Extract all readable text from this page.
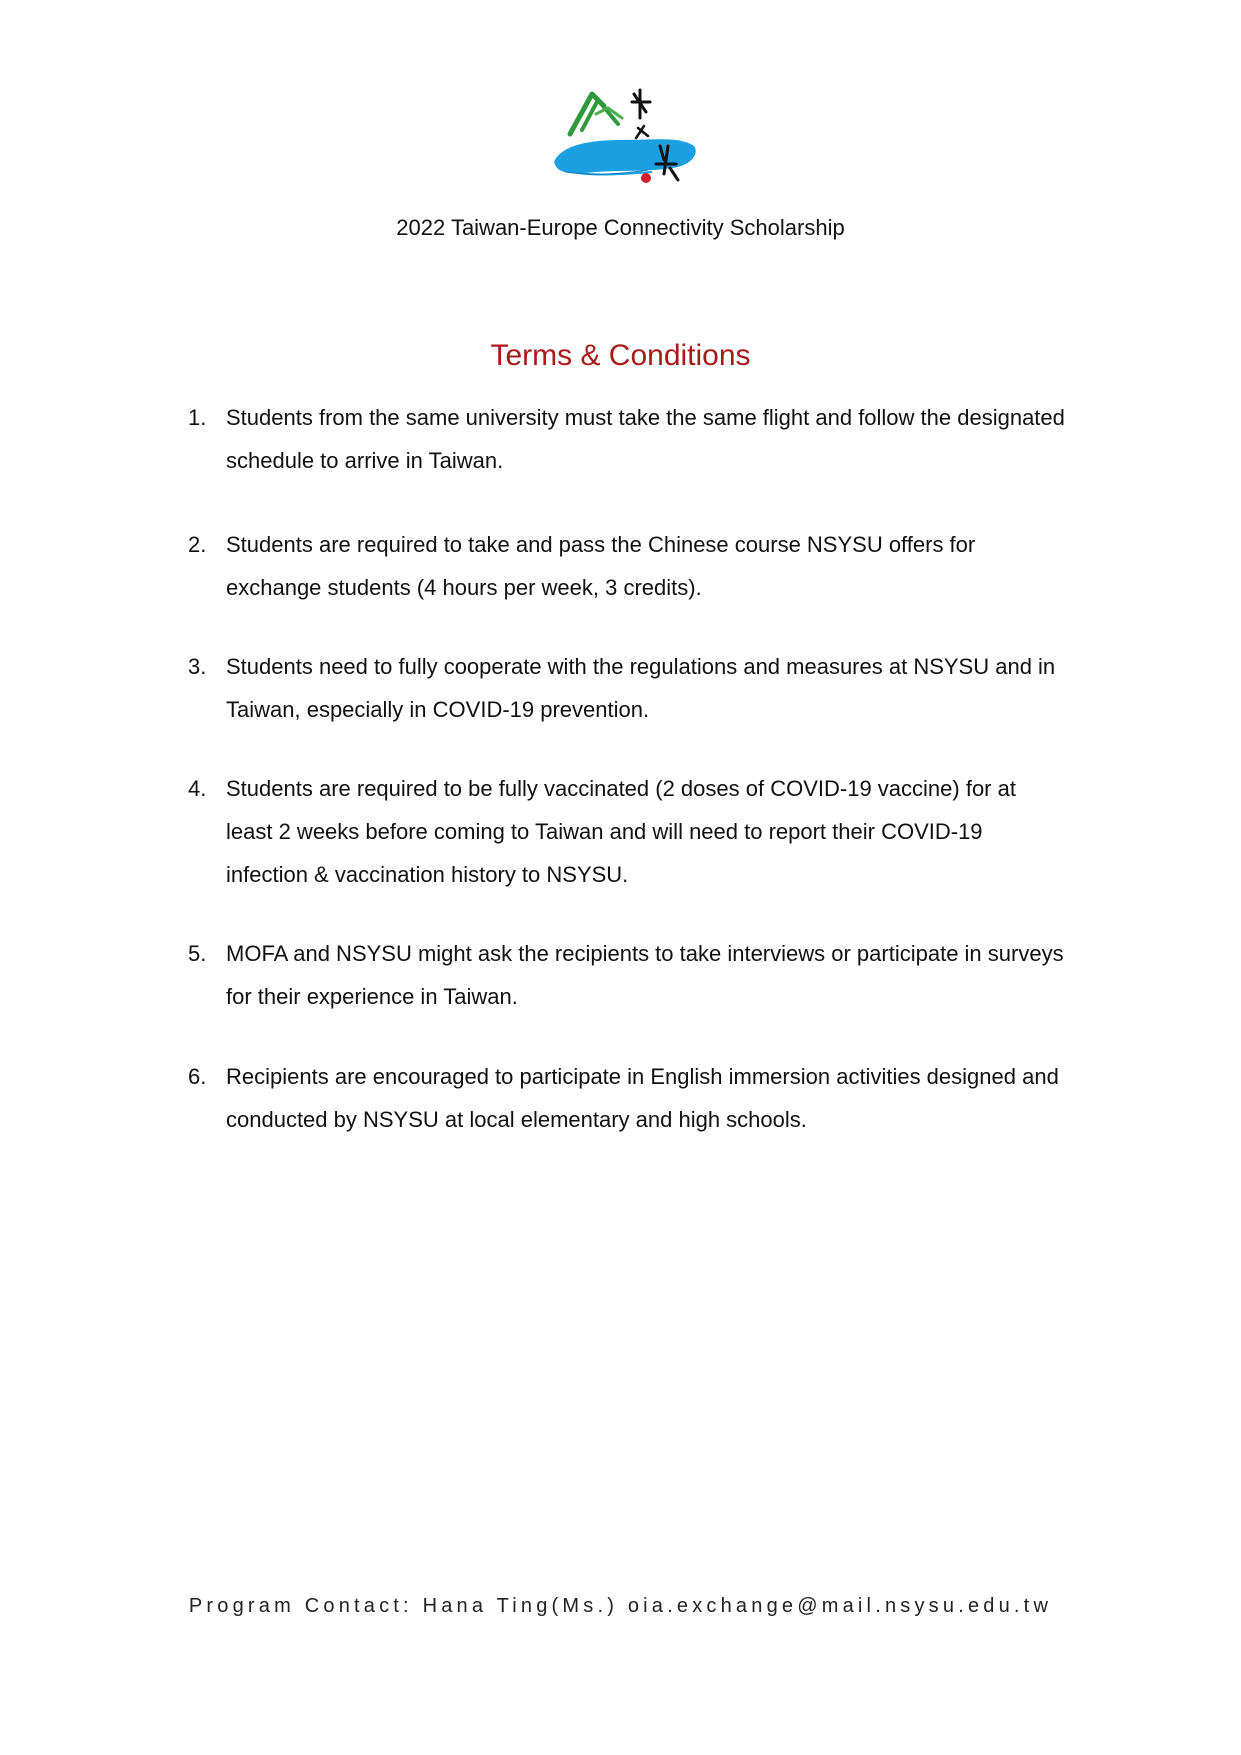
2022 Taiwan-Europe Connectivity Scholarship
Terms & Conditions
1. Students from the same university must take the same flight and follow the designated schedule to arrive in Taiwan.
2. Students are required to take and pass the Chinese course NSYSU offers for exchange students (4 hours per week, 3 credits).
3. Students need to fully cooperate with the regulations and measures at NSYSU and in Taiwan, especially in COVID-19 prevention.
4. Students are required to be fully vaccinated (2 doses of COVID-19 vaccine) for at least 2 weeks before coming to Taiwan and will need to report their COVID-19 infection & vaccination history to NSYSU.
5. MOFA and NSYSU might ask the recipients to take interviews or participate in surveys for their experience in Taiwan.
6. Recipients are encouraged to participate in English immersion activities designed and conducted by NSYSU at local elementary and high schools.
Program Contact: Hana Ting(Ms.) oia.exchange@mail.nsysu.edu.tw
